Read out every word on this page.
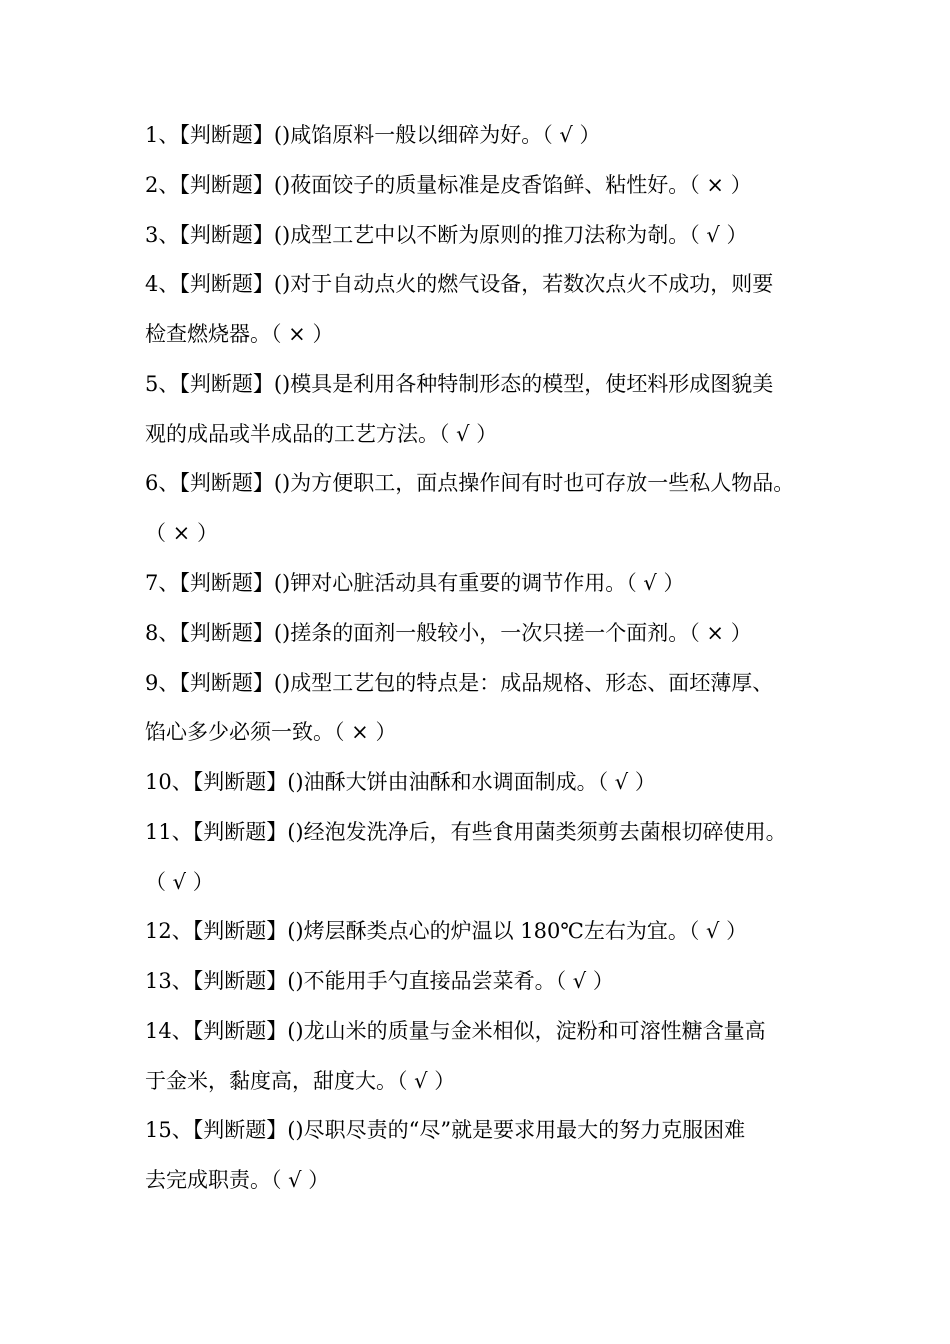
1、【判断题】()咸馅原料一般以细碎为好。（ √ ）
2、【判断题】()莜面饺子的质量标准是皮香馅鲜、粘性好。（ × ）
3、【判断题】()成型工艺中以不断为原则的推刀法称为剞。（ √ ）
4、【判断题】()对于自动点火的燃气设备，若数次点火不成功，则要
检查燃烧器。（ × ）
5、【判断题】()模具是利用各种特制形态的模型，使坯料形成图貌美
观的成品或半成品的工艺方法。（ √ ）
6、【判断题】()为方便职工，面点操作间有时也可存放一些私人物品。
（ × ）
7、【判断题】()钾对心脏活动具有重要的调节作用。（ √ ）
8、【判断题】()搓条的面剂一般较小，一次只搓一个面剂。（ × ）
9、【判断题】()成型工艺包的特点是：成品规格、形态、面坯薄厚、
馅心多少必须一致。（ × ）
10、【判断题】()油酥大饼由油酥和水调面制成。（ √ ）
11、【判断题】()经泡发洗净后，有些食用菌类须剪去菌根切碎使用。
（ √ ）
12、【判断题】()烤层酥类点心的炉温以 180℃左右为宜。（ √ ）
13、【判断题】()不能用手勺直接品尝菜肴。（ √ ）
14、【判断题】()龙山米的质量与金米相似，淀粉和可溶性糖含量高
于金米，黏度高，甜度大。（ √ ）
15、【判断题】()尽职尽责的“尽”就是要求用最大的努力克服困难
去完成职责。（ √ ）
